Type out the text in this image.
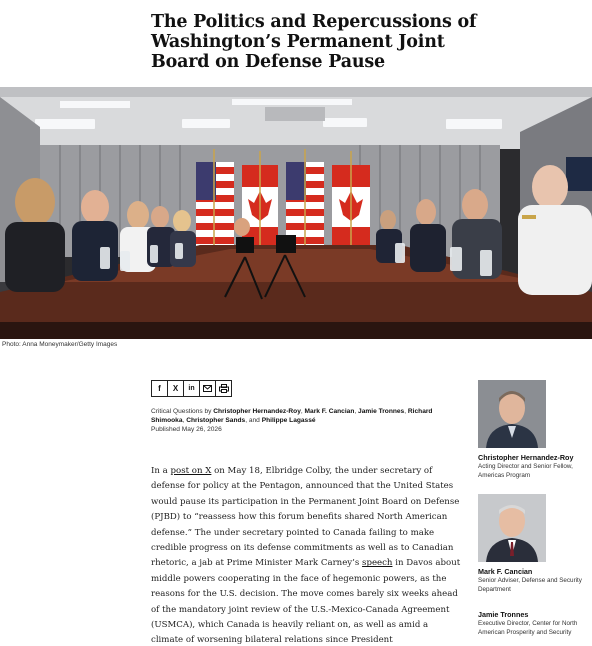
The Politics and Repercussions of Washington’s Permanent Joint Board on Defense Pause
Photo: Anna Moneymaker/Getty Images
f X in
Critical Questions by Christopher Hernandez-Roy, Mark F. Cancian, Jamie Tronnes, Richard Shimooka, Christopher Sands, and Philippe Lagassé
Published May 26, 2026

In a post on X on May 18, Elbridge Colby, the under secretary of defense for policy at the Pentagon, announced that the United States would pause its participation in the Permanent Joint Board on Defense (PJBD) to “reassess how this forum benefits shared North American defense.” The under secretary pointed to Canada failing to make credible progress on its defense commitments as well as to Canadian rhetoric, a jab at Prime Minister Mark Carney’s speech in Davos about middle powers cooperating in the face of hegemonic powers, as the reasons for the U.S. decision. The move comes barely six weeks ahead of the mandatory joint review of the U.S.-Mexico-Canada Agreement (USMCA), which Canada is heavily reliant on, as well as amid a climate of worsening bilateral relations since President

Christopher Hernandez-Roy
Acting Director and Senior Fellow, Americas Program
Mark F. Cancian
Senior Adviser, Defense and Security Department
Jamie Tronnes
Executive Director, Center for North American Prosperity and Security
